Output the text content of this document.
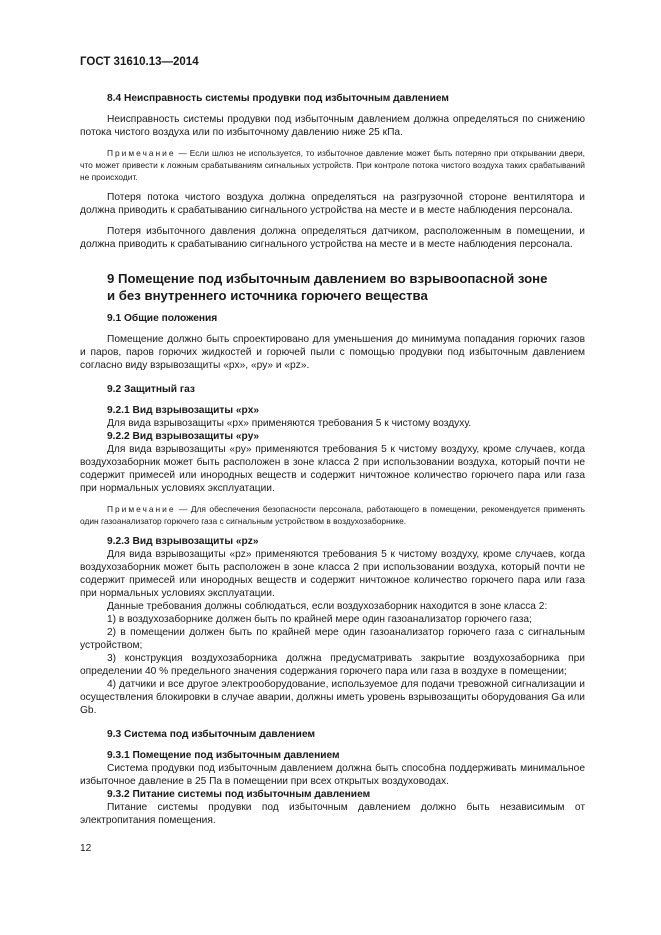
ГОСТ 31610.13—2014
8.4 Неисправность системы продувки под избыточным давлением

Неисправность системы продувки под избыточным давлением должна определяться по снижению потока чистого воздуха или по избыточному давлению ниже 25 кПа.

Примечание — Если шлюз не используется, то избыточное давление может быть потеряно при открывании двери, что может привести к ложным срабатываниям сигнальных устройств. При контроле потока чистого воздуха таких срабатываний не происходит.

Потеря потока чистого воздуха должна определяться на разгрузочной стороне вентилятора и должна приводить к срабатыванию сигнального устройства на месте и в месте наблюдения персонала.

Потеря избыточного давления должна определяться датчиком, расположенным в помещении, и должна приводить к срабатыванию сигнального устройства на месте и в месте наблюдения персонала.

9 Помещение под избыточным давлением во взрывоопасной зоне
и без внутреннего источника горючего вещества
9.1 Общие положения

Помещение должно быть спроектировано для уменьшения до минимума попадания горючих газов и паров, паров горючих жидкостей и горючей пыли с помощью продувки под избыточным давлением согласно виду взрывозащиты «px», «py» и «pz».

9.2 Защитный газ
9.2.1 Вид взрывозащиты «px»

Для вида взрывозащиты «px» применяются требования 5 к чистому воздуху.

9.2.2 Вид взрывозащиты «py»

Для вида взрывозащиты «py» применяются требования 5 к чистому воздуху, кроме случаев, когда воздухозаборник может быть расположен в зоне класса 2 при использовании воздуха, который почти не содержит примесей или инородных веществ и содержит ничтожное количество горючего пара или газа при нормальных условиях эксплуатации.

Примечание — Для обеспечения безопасности персонала, работающего в помещении, рекомендуется применять один газоанализатор горючего газа с сигнальным устройством в воздухозаборнике.
9.2.3 Вид взрывозащиты «pz»

Для вида взрывозащиты «pz» применяются требования 5 к чистому воздуху, кроме случаев, когда воздухозаборник может быть расположен в зоне класса 2 при использовании воздуха, который почти не содержит примесей или инородных веществ и содержит ничтожное количество горючего пара или газа при нормальных условиях эксплуатации.

Данные требования должны соблюдаться, если воздухозаборник находится в зоне класса 2:

1) в воздухозаборнике должен быть по крайней мере один газоанализатор горючего газа;

2) в помещении должен быть по крайней мере один газоанализатор горючего газа с сигнальным устройством;

3) конструкция воздухозаборника должна предусматривать закрытие воздухозаборника при определении 40 % предельного значения содержания горючего пара или газа в воздухе в помещении;

4) датчики и все другое электрооборудование, используемое для подачи тревожной сигнализации и осуществления блокировки в случае аварии, должны иметь уровень взрывозащиты оборудования Ga или Gb.

9.3 Система под избыточным давлением
9.3.1 Помещение под избыточным давлением

Система продувки под избыточным давлением должна быть способна поддерживать минимальное избыточное давление в 25 Па в помещении при всех открытых воздуховодах.

9.3.2 Питание системы под избыточным давлением

Питание системы продувки под избыточным давлением должно быть независимым от электропитания помещения.

12
